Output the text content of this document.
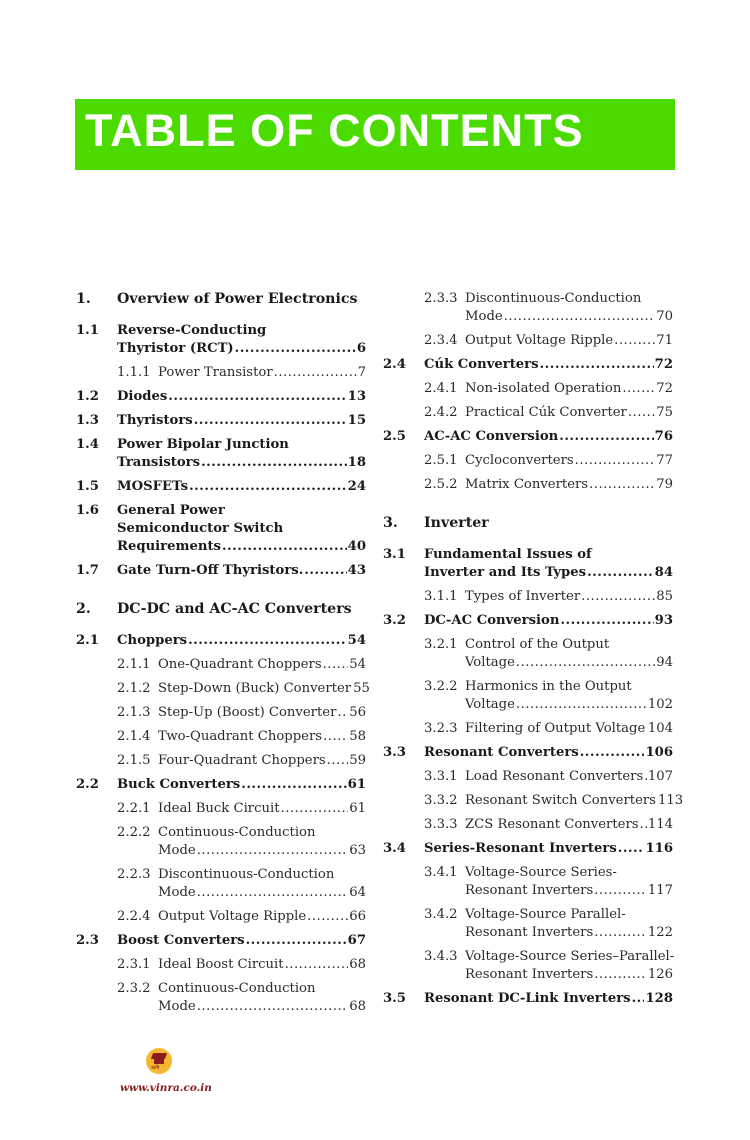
TABLE OF CONTENTS
1. Overview of Power Electronics
1.1 Reverse-Conducting
Thyristor (RCT) .....	6
1.1.1 Power Transistor .....	7
1.2 Diodes .....	13
1.3 Thyristors .....	15
1.4 Power Bipolar Junction
Transistors .....	18
1.5 MOSFETs .....	24
1.6 General Power
Semiconductor Switch
Requirements .....	40
1.7 Gate Turn-Off Thyristors. .....	43
2. DC-DC and AC-AC Converters
2.1 Choppers .....	54
2.1.1 One-Quadrant Choppers ..... 54
2.1.2 Step-Down (Buck) Converter 55
2.1.3 Step-Up (Boost) Converter ..... 56
2.1.4 Two-Quadrant Choppers ..... 58
2.1.5 Four-Quadrant Choppers ..... 59
2.2 Buck Converters .....	61
2.2.1 Ideal Buck Circuit .....	61
2.2.2 Continuous-Conduction
Mode .....	63
2.2.3 Discontinuous-Conduction
Mode .....	64
2.2.4 Output Voltage Ripple .....	66
2.3 Boost Converters .....	67
2.3.1 Ideal Boost Circuit .....	68
2.3.2 Continuous-Conduction
Mode .....	68
2.3.3 Discontinuous-Conduction
Mode .....	70
2.3.4 Output Voltage Ripple .....	71
2.4 Cúk Converters .....	72
2.4.1 Non-isolated Operation .....	72
2.4.2 Practical Cúk Converter ..... 75
2.5 AC-AC Conversion .....	76
2.5.1 Cycloconverters .....	77
2.5.2 Matrix Converters .....	79
3. Inverter
3.1 Fundamental Issues of
Inverter and Its Types .....	84
3.1.1 Types of Inverter .....	85
3.2 DC-AC Conversion .....	93
3.2.1 Control of the Output
Voltage .....	94
3.2.2 Harmonics in the Output
Voltage .....	102
3.2.3 Filtering of Output Voltage ..... 104
3.3 Resonant Converters .....	106
3.3.1 Load Resonant Converters ..... 107
3.3.2 Resonant Switch Converters 113
3.3.3 ZCS Resonant Converters ..... 114
3.4 Series-Resonant Inverters ..... 116
3.4.1 Voltage-Source Series-
Resonant Inverters .....	117
3.4.2 Voltage-Source Parallel-
Resonant Inverters .....	122
3.4.3 Voltage-Source Series–Parallel-
Resonant Inverters .....	126
3.5 Resonant DC-Link Inverters ..... 128
ऋषि
www.vinra.co.in
